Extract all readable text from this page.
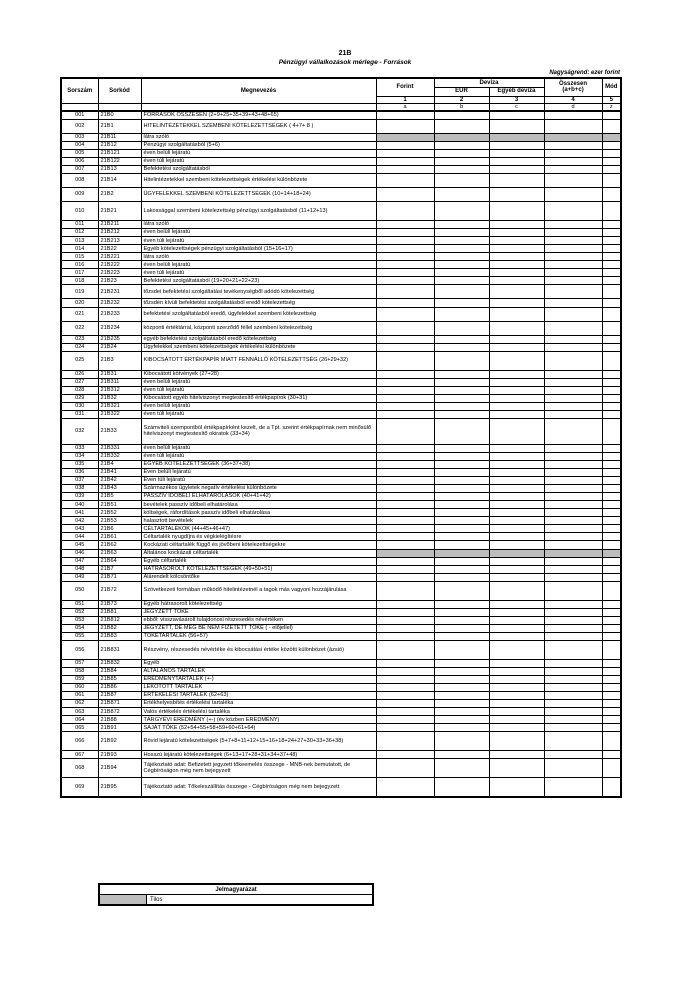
21B
Pénzügyi vállalkozások mérlege - Források
Nagyságrend: ezer forint
Sorszám	Sorkód	Megnevezés	Forint	Deviza		Összesen
(a+b+c)	Mód
				EUR	Egyéb deviza		
			1	2	3	4	5
			a	b	c	d	z
001	21B0	FORRÁSOK ÖSSZESEN (2+9+25+35+39+43+48+65)					
002	21B1	HITELINTÉZETEKKEL SZEMBENI KÖTELEZETTSÉGEK ( 4+7+ 8 )					
003	21B11	látra szóló					
004	21B12	Pénzügyi szolgáltatásból (5+6)					
005	21B121	éven belüli lejáratú					
006	21B122	éven túli lejáratú					
007	21B13	Befektetési szolgáltatásból					
008	21B14	Hitelintézetekkel szembeni kötelezettségek értékelési különbözete					
009	21B2	ÜGYFELEKKEL SZEMBENI KÖTELEZETTSÉGEK (10+14+18+24)					
010	21B21	Lakossággal szembeni kötelezettség pénzügyi szolgáltatásból (11+12+13)					
011	21B211	látra szóló					
012	21B212	éven belüli lejáratú					
013	21B213	éven túli lejáratú					
014	21B22	Egyéb kötelezettségek pénzügyi szolgáltatásból (15+16+17)					
015	21B221	látra szóló					
016	21B222	éven belüli lejáratú					
017	21B223	éven túli lejáratú					
018	21B23	Befektetési szolgáltatásból (19+20+21+22+23)					
019	21B231	tőzsdei befektetési szolgáltatási tevékenységből adódó kötelezettség					
020	21B232	tőzsdén kívüli befektetési szolgáltatásból eredő kötelezettség					
021	21B233	befektetési szolgáltatásból eredő, ügyfelekkel szembeni kötelezettség					
022	21B234	központi értéktárral, központi szerződő féllel szembeni kötelezettség					
023	21B235	egyéb befektetési szolgáltatásból eredő kötelezettség					
024	21B24	Ügyfelekkel szembeni kötelezettségek értékelési különbözete					
025	21B3	KIBOCSÁTOTT ÉRTÉKPAPÍR MIATT FENNÁLLÓ KÖTELEZETTSÉG (26+29+32)					
026	21B31	Kibocsátott kötvények (27+28)					
027	21B311	éven belüli lejáratú					
028	21B312	éven túli lejáratú					
029	21B32	Kibocsátott egyéb hitelviszonyt megtestesítő értékpapírok (30+31)					
030	21B321	éven belüli lejáratú					
031	21B322	éven túli lejáratú					
032	21B33	Számviteli szempontból értékpapírként kezelt, de a Tpt. szerint értékpapírnak nem minősülő hitelviszonyt megtestesítő okiratok (33+34)					
033	21B331	éven belüli lejáratú					
034	21B332	éven túli lejáratú					
035	21B4	EGYÉB KÖTELEZETTSÉGEK (36+37+38)					
036	21B41	Éven belüli lejáratú					
037	21B42	Éven túli lejáratú					
038	21B43	Származékos ügyletek negatív értékelési különbözete					
039	21B5	PASSZÍV IDŐBELI ELHATÁROLÁSOK (40+41+42)					
040	21B51	bevételek passzív időbeli elhatárolása					
041	21B52	költségek, ráfordítások passzív időbeli elhatárolása					
042	21B53	halasztott bevételek					
043	21B6	CÉLTARTALÉKOK (44+45+46+47)					
044	21B61	Céltartalék nyugdíjra és végkielégítésre					
045	21B62	Kockázati céltartalék függő és jövőbeni kötelezettségekre					
046	21B63	Általános kockázati céltartalék					
047	21B64	Egyéb céltartalék					
048	21B7	HÁTRASOROLT KÖTELEZETTSÉGEK (49+50+51)					
049	21B71	Alárendelt kölcsöntőke					
050	21B72	Szövetkezeti formában működő hitelintézetnél a tagok más vagyoni hozzájárulása					
051	21B73	Egyéb hátrasorolt kötelezettség					
052	21B81	JEGYZETT TŐKE					
053	21B812	ebből: visszavásárolt tulajdonosi részesedés névértéken					
054	21B82	JEGYZETT, DE MÉG BE NEM FIZETETT TŐKE ( - előjellel)					
055	21B83	TŐKETARTALÉK (56+57)					
056	21B831	Részvény, részesedés névértéke és kibocsátási értéke közötti különbözet (ázsió)					
057	21B832	Egyéb					
058	21B84	ÁLTALÁNOS TARTALÉK					
059	21B85	EREDMÉNYTARTALÉK (+-)					
060	21B86	LEKÖTÖTT TARTALÉK					
061	21B87	ÉRTÉKELÉSI TARTALÉK (62+63)					
062	21B871	Értékhelyesbítés értékelési tartaléka					
063	21B872	Valós értékelés értékelési tartaléka					
064	21B88	TÁRGYÉVI EREDMÉNY (+-) (év közben EREDMÉNY)					
065	21B91	SAJÁT TŐKE (52+54+55+58+59+60+61+64)					
066	21B92	Rövid lejáratú kötelezettségek (5+7+8+11+12+15+16+18+24+27+30+33+36+38)					
067	21B93	Hosszú lejáratú kötelezettségek (6+13+17+28+31+34+37+48)					
068	21B94	Tájékoztató adat: Befizetett jegyzett tőkeemelés összege - MNB-nek bemutatott, de Cégbíróságon még nem bejegyzett					
069	21B95	Tájékoztató adat: Tőkeleszállítás összege - Cégbíróságon még nem bejegyzett					
Jelmagyarázat
	Tilos
